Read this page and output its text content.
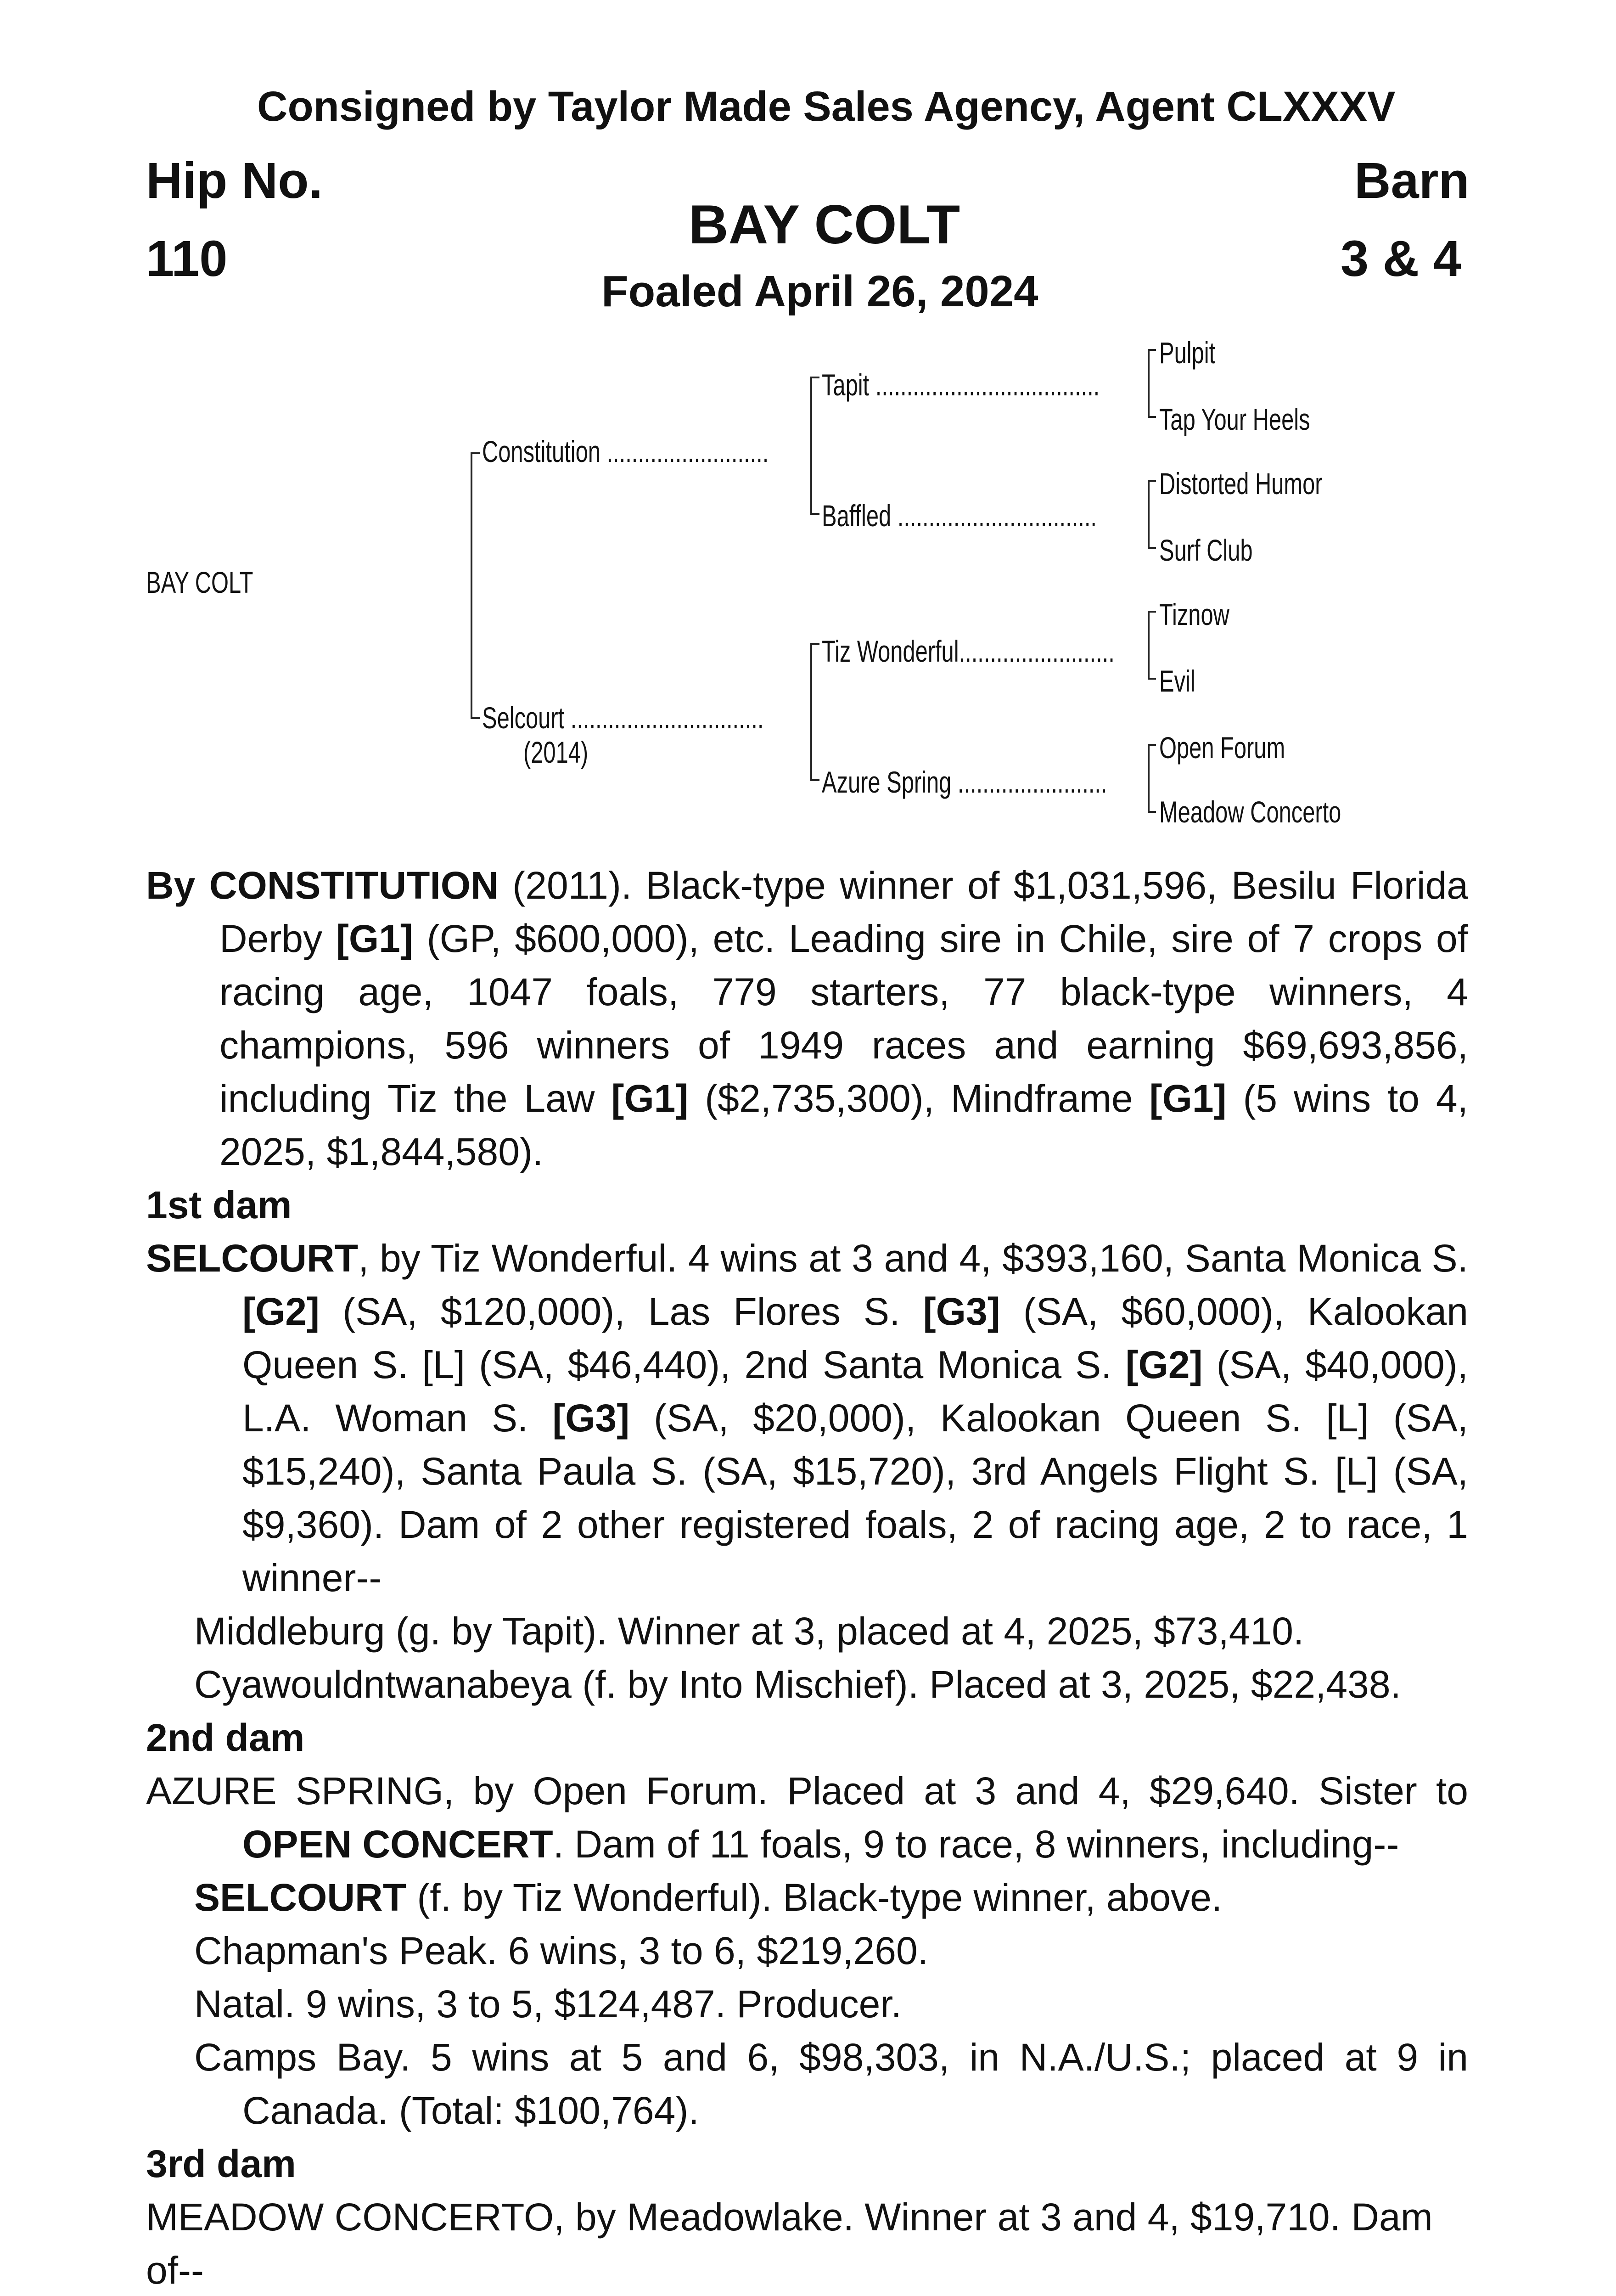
Consigned by Taylor Made Sales Agency, Agent CLXXXV
Hip No.
110
Barn
3 & 4
BAY COLT
Foaled April 26, 2024
BAY COLT
Constitution ..........................
Selcourt ...............................
(2014)
Tapit ....................................
Baffled ................................
Tiz Wonderful.........................
Azure Spring ........................
Pulpit
Tap Your Heels
Distorted Humor
Surf Club
Tiznow
Evil
Open Forum
Meadow Concerto
By CONSTITUTION (2011). Black-type winner of $1,031,596, Besilu Florida Derby [G1] (GP, $600,000), etc. Leading sire in Chile, sire of 7 crops of racing age, 1047 foals, 779 starters, 77 black-type winners, 4 champions, 596 winners of 1949 races and earning $69,693,856, including Tiz the Law [G1] ($2,735,300), Mindframe [G1] (5 wins to 4, 2025, $1,844,580).
1st dam
SELCOURT, by Tiz Wonderful. 4 wins at 3 and 4, $393,160, Santa Monica S. [G2] (SA, $120,000), Las Flores S. [G3] (SA, $60,000), Kalookan Queen S. [L] (SA, $46,440), 2nd Santa Monica S. [G2] (SA, $40,000), L.A. Woman S. [G3] (SA, $20,000), Kalookan Queen S. [L] (SA, $15,240), Santa Paula S. (SA, $15,720), 3rd Angels Flight S. [L] (SA, $9,360). Dam of 2 other registered foals, 2 of racing age, 2 to race, 1 winner--
Middleburg (g. by Tapit). Winner at 3, placed at 4, 2025, $73,410.
Cyawouldntwanabeya (f. by Into Mischief). Placed at 3, 2025, $22,438.
2nd dam
AZURE SPRING, by Open Forum. Placed at 3 and 4, $29,640. Sister to OPEN CONCERT. Dam of 11 foals, 9 to race, 8 winners, including--
SELCOURT (f. by Tiz Wonderful). Black-type winner, above.
Chapman's Peak. 6 wins, 3 to 6, $219,260.
Natal. 9 wins, 3 to 5, $124,487. Producer.
Camps Bay. 5 wins at 5 and 6, $98,303, in N.A./U.S.; placed at 9 in Canada. (Total: $100,764).
3rd dam
MEADOW CONCERTO, by Meadowlake. Winner at 3 and 4, $19,710. Dam of--
